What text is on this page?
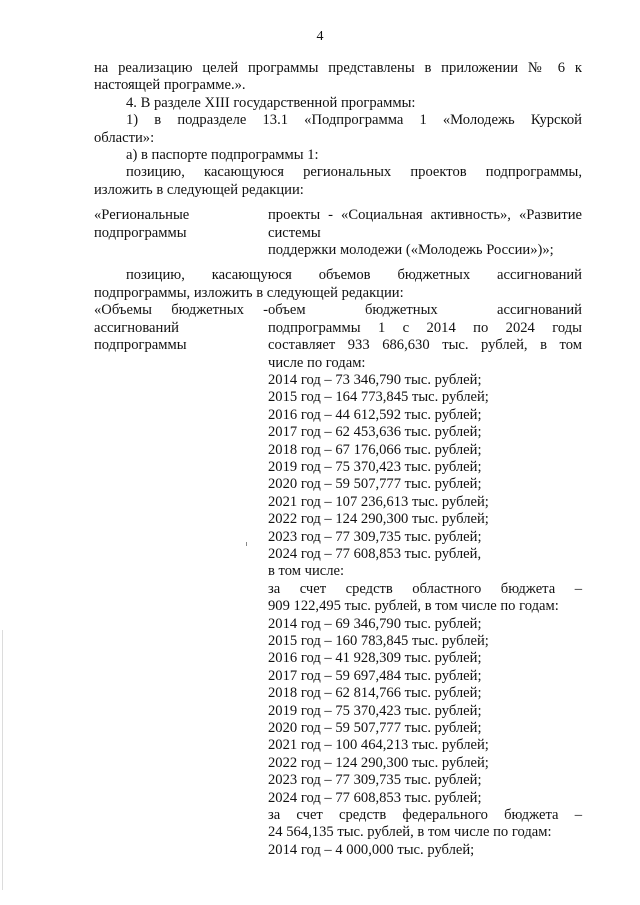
4

на реализацию целей программы представлены в приложении № 6 к

настоящей программе.».

4. В разделе XIII государственной программы:

1) в подразделе 13.1 «Подпрограмма 1 «Молодежь Курской

области»:

а) в паспорте подпрограммы 1:

позицию, касающуюся региональных проектов подпрограммы,

изложить в следующей редакции:

«Региональные

подпрограммы

проекты - «Социальная активность», «Развитие системы

поддержки молодежи («Молодежь России»)»;

позицию, касающуюся объемов бюджетных ассигнований

подпрограммы, изложить в следующей редакции:

«Объемы бюджетных -

ассигнований

подпрограммы

объем бюджетных ассигнований

подпрограммы 1 с 2014 по 2024 годы

составляет 933 686,630 тыс. рублей, в том

числе по годам:

2014 год – 73 346,790 тыс. рублей;

2015 год – 164 773,845 тыс. рублей;

2016 год – 44 612,592 тыс. рублей;

2017 год – 62 453,636 тыс. рублей;

2018 год – 67 176,066 тыс. рублей;

2019 год – 75 370,423 тыс. рублей;

2020 год – 59 507,777 тыс. рублей;

2021 год – 107 236,613 тыс. рублей;

2022 год – 124 290,300 тыс. рублей;

2023 год – 77 309,735 тыс. рублей;

2024 год – 77 608,853 тыс. рублей,

в том числе:

за счет средств областного бюджета –

909 122,495 тыс. рублей, в том числе по годам:

2014 год – 69 346,790 тыс. рублей;

2015 год – 160 783,845 тыс. рублей;

2016 год – 41 928,309 тыс. рублей;

2017 год – 59 697,484 тыс. рублей;

2018 год – 62 814,766 тыс. рублей;

2019 год – 75 370,423 тыс. рублей;

2020 год – 59 507,777 тыс. рублей;

2021 год – 100 464,213 тыс. рублей;

2022 год – 124 290,300 тыс. рублей;

2023 год – 77 309,735 тыс. рублей;

2024 год – 77 608,853 тыс. рублей;

за счет средств федерального бюджета –

24 564,135 тыс. рублей, в том числе по годам:

2014 год – 4 000,000 тыс. рублей;
